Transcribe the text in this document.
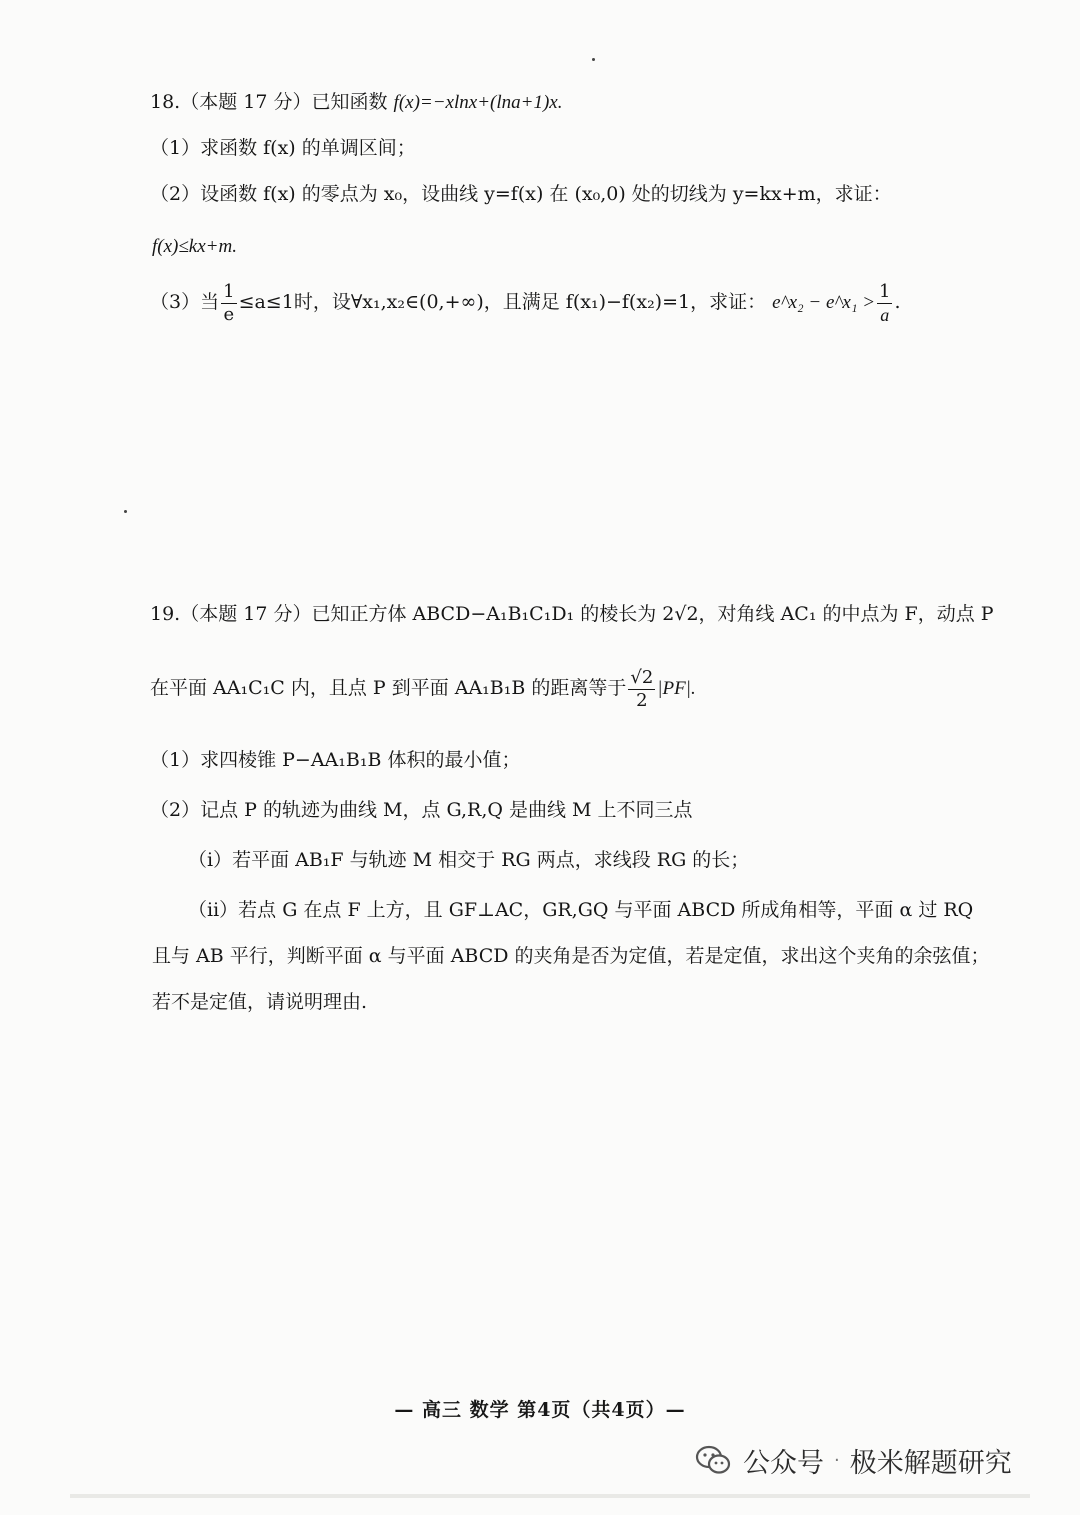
18.（本题 17 分）已知函数 f(x)=−xlnx+(lna+1)x.
（1）求函数 f(x) 的单调区间；
（2）设函数 f(x) 的零点为 x₀，设曲线 y=f(x) 在 (x₀,0) 处的切线为 y=kx+m，求证：
f(x)≤kx+m.
（3）当 $\frac{1}{e} \le a\le 1$时，设∀x₁,x₂∈(0,+∞)，且满足 f(x₁)−f(x₂)=1，求证： e^x₂ − e^x₁ > $\frac{1}{a}$ .
19.（本题 17 分）已知正方体 ABCD−A₁B₁C₁D₁ 的棱长为 2√2，对角线 AC₁ 的中点为 F，动点 P
在平面 AA₁C₁C 内，且点 P 到平面 AA₁B₁B 的距离等于 $\frac{√2}{2} |PF|$.
（1）求四棱锥 P−AA₁B₁B 体积的最小值；
（2）记点 P 的轨迹为曲线 M，点 G,R,Q 是曲线 M 上不同三点
（ⅰ）若平面 AB₁F 与轨迹 M 相交于 RG 两点，求线段 RG 的长；
（ⅱ）若点 G 在点 F 上方，且 GF⊥AC，GR,GQ 与平面 ABCD 所成角相等，平面 α 过 RQ
且与 AB 平行，判断平面 α 与平面 ABCD 的夹角是否为定值，若是定值，求出这个夹角的余弦值；
若不是定值，请说明理由.
— 高三 数学 第4页（共4页）—
公众号 · 极米解题研究
